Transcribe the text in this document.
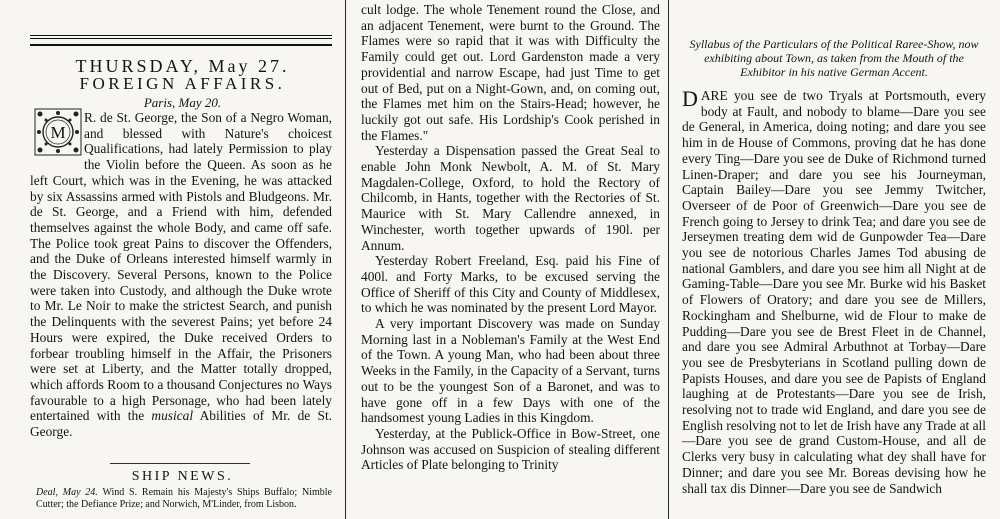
THURSDAY, May 27.
FOREIGN AFFAIRS.
Paris, May 20.
M
R. de St. George, the Son of a Negro Woman, and blessed with Nature's choicest Qualifications, had lately Permission to play the Violin before the Queen. As soon as he left Court, which was in the Evening, he was attacked by six Assassins armed with Pistols and Bludgeons. Mr. de St. George, and a Friend with him, defended themselves against the whole Body, and came off safe. The Police took great Pains to discover the Offenders, and the Duke of Orleans interested himself warmly in the Discovery. Several Persons, known to the Police were taken into Custody, and although the Duke wrote to Mr. Le Noir to make the strictest Search, and punish the Delinquents with the severest Pains; yet before 24 Hours were expired, the Duke received Orders to forbear troubling himself in the Affair, the Prisoners were set at Liberty, and the Matter totally dropped, which affords Room to a thousand Conjectures no Ways favourable to a high Personage, who had been lately entertained with the musical Abilities of Mr. de St. George.
SHIP NEWS.
Deal, May 24. Wind S. Remain his Majesty's Ships Buffalo; Nimble Cutter; the Defiance Prize; and Norwich, M'Linder, from Lisbon.

cult lodge. The whole Tenement round the Close, and an adjacent Tenement, were burnt to the Ground. The Flames were so rapid that it was with Difficulty the Family could get out. Lord Gardenston made a very providential and narrow Escape, had just Time to get out of Bed, put on a Night-Gown, and, on coming out, the Flames met him on the Stairs-Head; however, he luckily got out safe. His Lordship's Cook perished in the Flames."

Yesterday a Dispensation passed the Great Seal to enable John Monk Newbolt, A. M. of St. Mary Magdalen-College, Oxford, to hold the Rectory of Chilcomb, in Hants, together with the Rectories of St. Maurice with St. Mary Callendre annexed, in Winchester, worth together upwards of 190l. per Annum.

Yesterday Robert Freeland, Esq. paid his Fine of 400l. and Forty Marks, to be excused serving the Office of Sheriff of this City and County of Middlesex, to which he was nominated by the present Lord Mayor.

A very important Discovery was made on Sunday Morning last in a Nobleman's Family at the West End of the Town. A young Man, who had been about three Weeks in the Family, in the Capacity of a Servant, turns out to be the youngest Son of a Baronet, and was to have gone off in a few Days with one of the handsomest young Ladies in this Kingdom.

Yesterday, at the Publick-Office in Bow-Street, one Johnson was accused on Suspicion of stealing different Articles of Plate belonging to Trinity

Syllabus of the Particulars of the Political Raree-Show, now exhibiting about Town, as taken from the Mouth of the Exhibitor in his native German Accent.
DARE you see de two Tryals at Portsmouth, every body at Fault, and nobody to blame—Dare you see de General, in America, doing noting; and dare you see him in de House of Commons, proving dat he has done every Ting—Dare you see de Duke of Richmond turned Linen-Draper; and dare you see his Journeyman, Captain Bailey—Dare you see Jemmy Twitcher, Overseer of de Poor of Greenwich—Dare you see de French going to Jersey to drink Tea; and dare you see de Jerseymen treating dem wid de Gunpowder Tea—Dare you see de notorious Charles James Tod abusing de national Gamblers, and dare you see him all Night at de Gaming-Table—Dare you see Mr. Burke wid his Basket of Flowers of Oratory; and dare you see de Millers, Rockingham and Shelburne, wid de Flour to make de Pudding—Dare you see de Brest Fleet in de Channel, and dare you see Admiral Arbuthnot at Torbay—Dare you see de Presbyterians in Scotland pulling down de Papists Houses, and dare you see de Papists of England laughing at de Protestants—Dare you see de Irish, resolving not to trade wid England, and dare you see de English resolving not to let de Irish have any Trade at all—Dare you see de grand Custom-House, and all de Clerks very busy in calculating what dey shall have for Dinner; and dare you see Mr. Boreas devising how he shall tax dis Dinner—Dare you see de Sandwich
